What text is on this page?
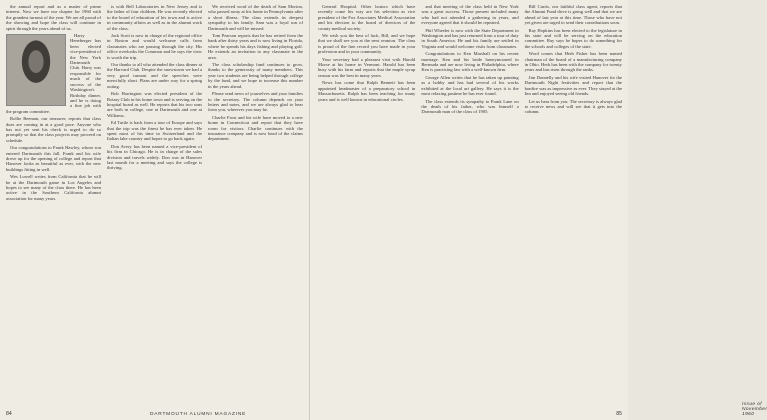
the annual report and as a matter of prime interest. Now we have our chapter for 1960 with the grandest turnout of the year. We are all proud of the showing and hope the class will continue in spirit through the years ahead of us.

Harry Heneberger has been elected vice-president of the New York Dartmouth Club. Harry was responsible for much of the success of the Washington's Birthday dinner, and he is doing a fine job with the program committee.

Rollie Beeman, our treasurer, reports that class dues are coming in at a good pace. Anyone who has not yet sent his check is urged to do so promptly so that the class projects may proceed on schedule.

Our congratulations to Frank Hawley, whose son entered Dartmouth this fall. Frank and his wife drove up for the opening of college and report that Hanover looks as beautiful as ever, with the new buildings fitting in well.

Wes Lowell writes from California that he will be at the Dartmouth game in Los Angeles and hopes to see many of the class there. He has been active in the Southern California alumni association for many years.

is with Bell Laboratories in New Jersey and is the father of four children. He was recently elected to the board of education of his town and is active in community affairs as well as in the alumni work of the class.

Jack Scott is now in charge of the regional office in Boston and would welcome calls from classmates who are passing through the city. His office overlooks the Common and he says the view is worth the trip.

Our thanks to all who attended the class dinner at the Harvard Club. Despite the snowstorm we had a very good turnout and the speeches were mercifully short. Plans are under way for a spring outing.

Bob Harrington was elected president of the Rotary Club in his home town and is serving on the hospital board as well. He reports that his two sons are both in college, one at Dartmouth and one at Williams.

Ed Tuttle is back from a tour of Europe and says that the trip was the finest he has ever taken. He spent most of his time in Switzerland and the Italian lake country and hopes to go back again.

Don Avery has been named a vice-president of his firm in Chicago. He is in charge of the sales division and travels widely. Don was in Hanover last month for a meeting and says the college is thriving.

We received word of the death of Sam Morton, who passed away at his home in Pennsylvania after a short illness. The class extends its deepest sympathy to his family. Sam was a loyal son of Dartmouth and will be missed.

Tom Pearson reports that he has retired from the bank after thirty years and is now living in Florida, where he spends his days fishing and playing golf. He extends an invitation to any classmate in the area.

The class scholarship fund continues to grow, thanks to the generosity of many members. This year two students are being helped through college by the fund, and we hope to increase this number in the years ahead.

Please send news of yourselves and your families to the secretary. The column depends on your letters and notes, and we are always glad to hear from you, wherever you may be.

Charlie Frost and his wife have moved to a new home in Connecticut and report that they have room for visitors. Charlie continues with the insurance company and is now head of the claims department.

84	DARTMOUTH ALUMNI MAGAZINE

General Hospital. Other honors which have recently come his way are his selection as vice president of the Fox Associates Medical Association and his election to the board of directors of the county medical society.

We wish you the best of luck, Bill, and we hope that we shall see you at the next reunion. The class is proud of the fine record you have made in your profession and in your community.

Your secretary had a pleasant visit with Harold Morse at his home in Vermont. Harold has been busy with his farm and reports that the maple syrup season was the best in many years.

News has come that Ralph Bennett has been appointed headmaster of a preparatory school in Massachusetts. Ralph has been teaching for many years and is well known in educational circles.

and that meeting of the class held in New York was a great success. Those present included many who had not attended a gathering in years, and everyone agreed that it should be repeated.

Phil Wheeler is now with the State Department in Washington and has just returned from a tour of duty in South America. He and his family are settled in Virginia and would welcome visits from classmates.

Congratulations to Ken Marshall on his recent marriage. Ken and his bride honeymooned in Bermuda and are now living in Philadelphia, where Ken is practicing law with a well-known firm.

George Allen writes that he has taken up painting as a hobby and has had several of his works exhibited at the local art gallery. He says it is the most relaxing pastime he has ever found.

The class extends its sympathy to Frank Lane on the death of his father, who was himself a Dartmouth man of the class of 1905.

Bill Curtis, our faithful class agent, reports that the Alumni Fund drive is going well and that we are ahead of last year at this time. Those who have not yet given are urged to send their contributions soon.

Ray Hopkins has been elected to the legislature in his state and will be serving on the education committee. Ray says he hopes to do something for the schools and colleges of the state.

Word comes that Herb Fisher has been named chairman of the board of a manufacturing company in Ohio. Herb has been with the company for twenty years and has risen through the ranks.

Jim Donnelly and his wife visited Hanover for the Dartmouth Night festivities and report that the bonfire was as impressive as ever. They stayed at the Inn and enjoyed seeing old friends.

Let us hear from you. The secretary is always glad to receive news and will see that it gets into the column.

Issue of November 1960
85
